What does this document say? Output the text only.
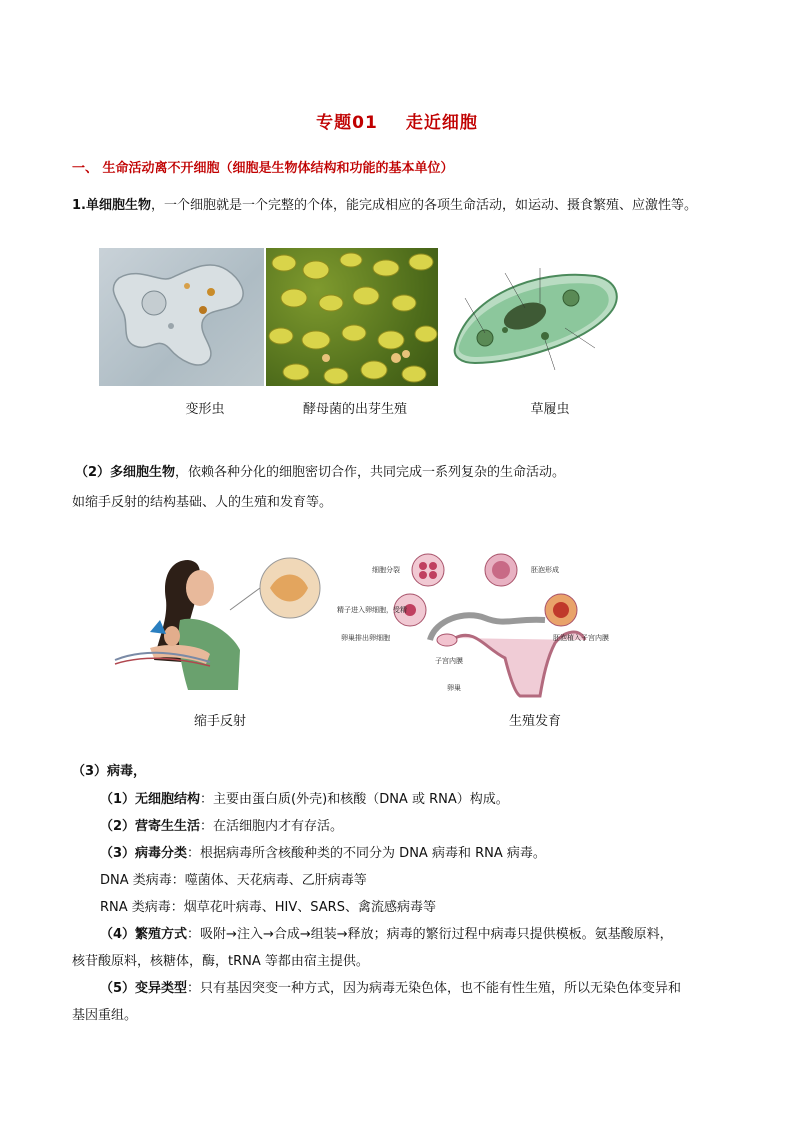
专题01 走近细胞
一、 生命活动离不开细胞（细胞是生物体结构和功能的基本单位）
1.单细胞生物，一个细胞就是一个完整的个体，能完成相应的各项生命活动，如运动、摄食繁殖、应激性等。
变形虫	酵母菌的出芽生殖	草履虫
（2）多细胞生物，依赖各种分化的细胞密切合作，共同完成一系列复杂的生命活动。
如缩手反射的结构基础、人的生殖和发育等。
细胞分裂	胚泡形成
精子进入卵细胞，受精
卵巢排出卵细胞
子宫内膜
胚泡植入子宫内膜
卵巢
缩手反射	生殖发育
（3）病毒，
（1）无细胞结构：主要由蛋白质(外壳)和核酸（DNA 或 RNA）构成。
（2）营寄生生活：在活细胞内才有存活。
（3）病毒分类：根据病毒所含核酸种类的不同分为 DNA 病毒和 RNA 病毒。
DNA 类病毒：噬菌体、天花病毒、乙肝病毒等
RNA 类病毒：烟草花叶病毒、HIV、SARS、禽流感病毒等
（4）繁殖方式：吸附→注入→合成→组装→释放；病毒的繁衍过程中病毒只提供模板。氨基酸原料，
核苷酸原料，核糖体，酶，tRNA 等都由宿主提供。
（5）变异类型：只有基因突变一种方式，因为病毒无染色体，也不能有性生殖，所以无染色体变异和
基因重组。
